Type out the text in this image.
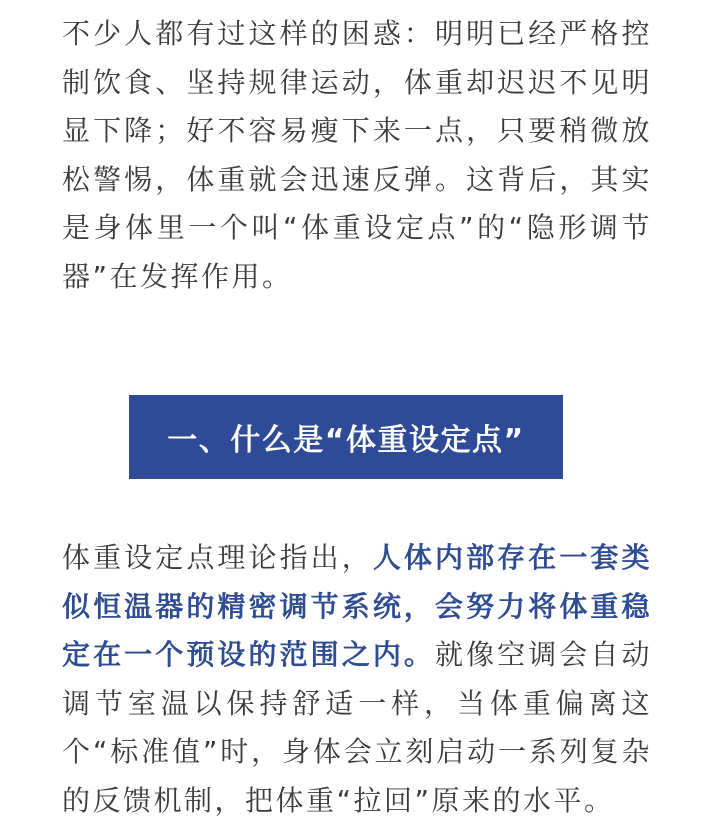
不少人都有过这样的困惑：明明已经严格控制饮食、坚持规律运动，体重却迟迟不见明显下降；好不容易瘦下来一点，只要稍微放松警惕，体重就会迅速反弹。这背后，其实是身体里一个叫“体重设定点”的“隐形调节器”在发挥作用。

体重设定点理论指出，人体内部存在一套类似恒温器的精密调节系统，会努力将体重稳定在一个预设的范围之内。就像空调会自动调节室温以保持舒适一样，当体重偏离这个“标准值”时，身体会立刻启动一系列复杂的反馈机制，把体重“拉回”原来的水平。

一、什么是“体重设定点”
